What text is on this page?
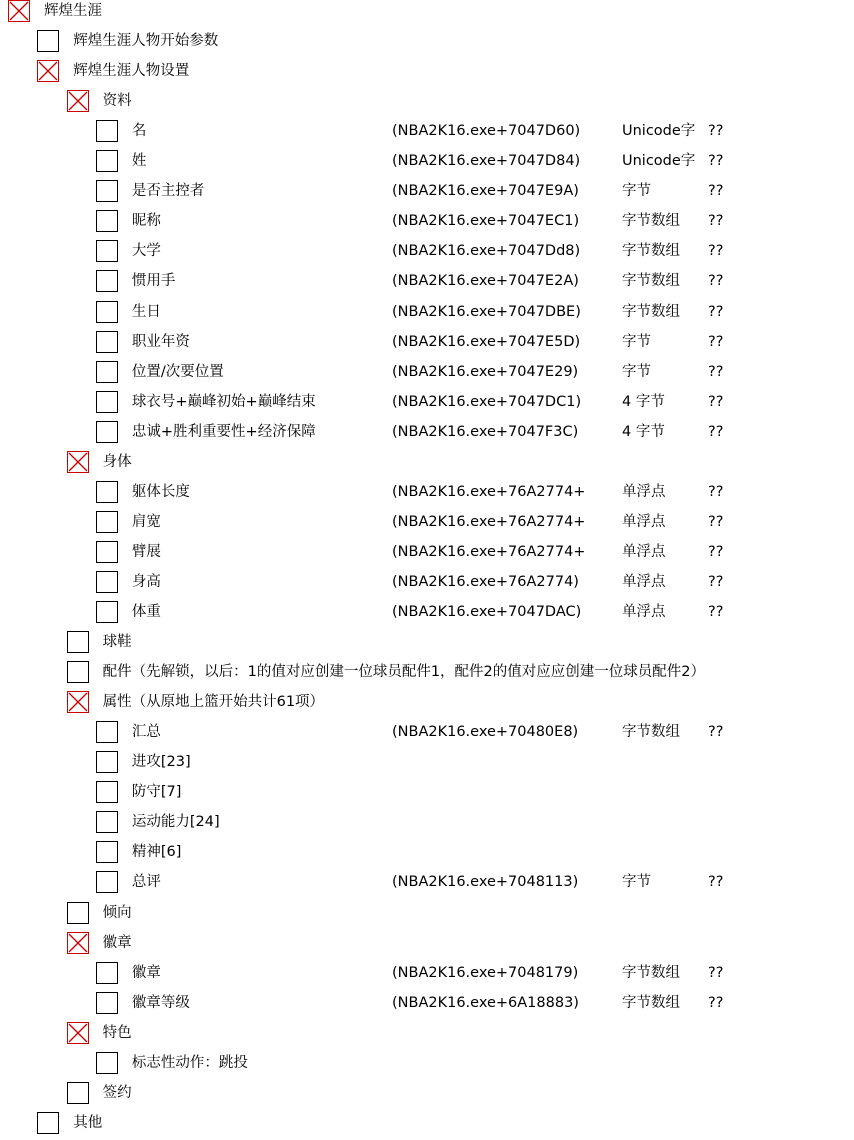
辉煌生涯
辉煌生涯人物开始参数
辉煌生涯人物设置
资料
名	(NBA2K16.exe+7047D60)	Unicode字 ??
姓	(NBA2K16.exe+7047D84)	Unicode字 ??
是否主控者	(NBA2K16.exe+7047E9A)	字节	??
昵称	(NBA2K16.exe+7047EC1)	字节数组 ??
大学	(NBA2K16.exe+7047Dd8)	字节数组 ??
惯用手	(NBA2K16.exe+7047E2A)	字节数组 ??
生日	(NBA2K16.exe+7047DBE)	字节数组 ??
职业年资	(NBA2K16.exe+7047E5D)	字节	??
位置/次要位置	(NBA2K16.exe+7047E29)	字节	??
球衣号+巅峰初始+巅峰结束	(NBA2K16.exe+7047DC1)	4 字节	??
忠诚+胜利重要性+经济保障	(NBA2K16.exe+7047F3C)	4 字节	??
身体
躯体长度	(NBA2K16.exe+76A2774+	单浮点	??
肩宽	(NBA2K16.exe+76A2774+	单浮点	??
臂展	(NBA2K16.exe+76A2774+	单浮点	??
身高	(NBA2K16.exe+76A2774)	单浮点	??
体重	(NBA2K16.exe+7047DAC)	单浮点	??
球鞋
配件（先解锁，以后：1的值对应创建一位球员配件1，配件2的值对应应创建一位球员配件2）
属性（从原地上篮开始共计61项）
汇总	(NBA2K16.exe+70480E8)	字节数组 ??
进攻[23]
防守[7]
运动能力[24]
精神[6]
总评	(NBA2K16.exe+7048113)	字节	??
倾向
徽章
徽章	(NBA2K16.exe+7048179)	字节数组 ??
徽章等级	(NBA2K16.exe+6A18883)	字节数组 ??
特色
标志性动作：跳投
签约
其他
